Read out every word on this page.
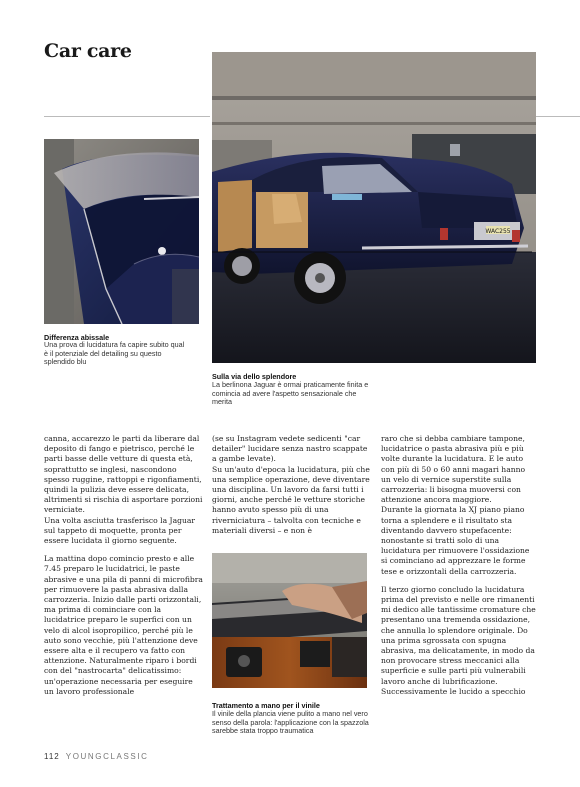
Car care
Differenza abissale
Una prova di lucidatura fa capire subito qual è il potenziale del detailing su questo splendido blu
WAC255
Sulla via dello splendore
La berlinona Jaguar è ormai praticamente finita e comincia ad avere l'aspetto sensazionale che merita

canna, accarezzo le parti da liberare dal deposito di fango e pietrisco, perché le parti basse delle vetture di questa età, soprattutto se inglesi, nascondono spesso ruggine, rattoppi e rigonfiamenti, quindi la pulizia deve essere delicata, altrimenti si rischia di asportare porzioni verniciate.

Una volta asciutta trasferisco la Jaguar sul tappeto di moquette, pronta per essere lucidata il giorno seguente.

La mattina dopo comincio presto e alle 7.45 preparo le lucidatrici, le paste abrasive e una pila di panni di microfibra per rimuovere la pasta abrasiva dalla carrozzeria. Inizio dalle parti orizzontali, ma prima di cominciare con la lucidatrice preparo le superfici con un velo di alcol isopropilico, perché più le auto sono vecchie, più l'attenzione deve essere alta e il recupero va fatto con attenzione. Naturalmente riparo i bordi con del "nastrocarta" delicatissimo: un'operazione necessaria per eseguire un lavoro professionale

(se su Instagram vedete sedicenti "car detailer" lucidare senza nastro scappate a gambe levate).

Su un'auto d'epoca la lucidatura, più che una semplice operazione, deve diventare una disciplina. Un lavoro da farsi tutti i giorni, anche perché le vetture storiche hanno avuto spesso più di una riverniciatura – talvolta con tecniche e materiali diversi – e non è

Trattamento a mano per il vinile
Il vinile della plancia viene pulito a mano nel vero senso della parola: l'applicazione con la spazzola sarebbe stata troppo traumatica

raro che si debba cambiare tampone, lucidatrice o pasta abrasiva più e più volte durante la lucidatura. E le auto con più di 50 o 60 anni magari hanno un velo di vernice superstite sulla carrozzeria: li bisogna muoversi con attenzione ancora maggiore.

Durante la giornata la XJ piano piano torna a splendere e il risultato sta diventando davvero stupefacente: nonostante si tratti solo di una lucidatura per rimuovere l'ossidazione si cominciano ad apprezzare le forme tese e orizzontali della carrozzeria.

Il terzo giorno concludo la lucidatura prima del previsto e nelle ore rimanenti mi dedico alle tantissime cromature che presentano una tremenda ossidazione, che annulla lo splendore originale. Do una prima sgrossata con spugna abrasiva, ma delicatamente, in modo da non provocare stress meccanici alla superficie e sulle parti più vulnerabili lavoro anche di lubrificazione. Successivamente le lucido a specchio

112 YOUNGCLASSIC
